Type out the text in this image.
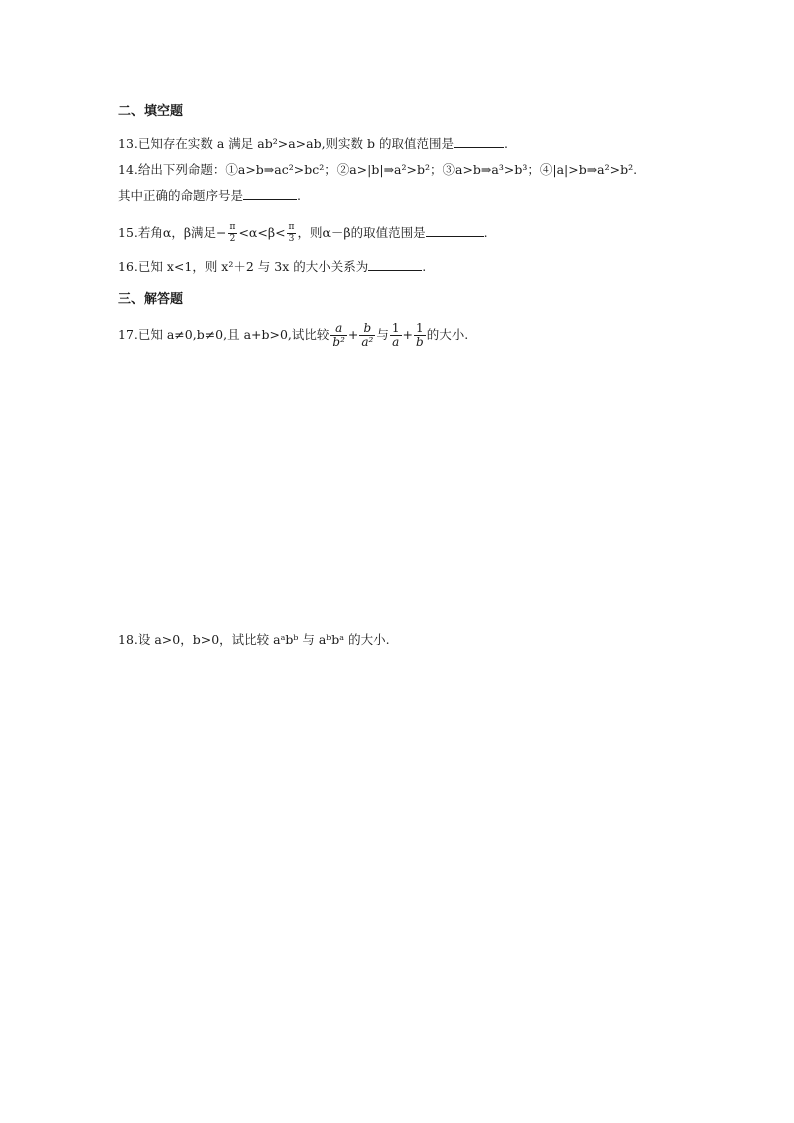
二、填空题
13.已知存在实数 a 满足 ab²>a>ab,则实数 b 的取值范围是	.
14.给出下列命题：①a>b⇒ac²>bc²；②a>|b|⇒a²>b²；③a>b⇒a³>b³；④|a|>b⇒a²>b².
其中正确的命题序号是	.
15.若角α，β满足− $\frac{\pi}{2} <\alpha<\beta< \frac{\pi}{3}$ ，则α－β的取值范围是	.
16.已知 x<1，则 x²＋2 与 3x 的大小关系为	.
三、解答题
17.已知 a≠0,b≠0,且 a+b>0,试比较 $\frac{a}{\text{b²}} + \frac{b}{\text{a²}}$ 与 $\frac{1}{a} + \frac{1}{b}$ 的大小.
18.设 a>0，b>0，试比较 aᵃbᵇ 与 aᵇbᵃ 的大小.
